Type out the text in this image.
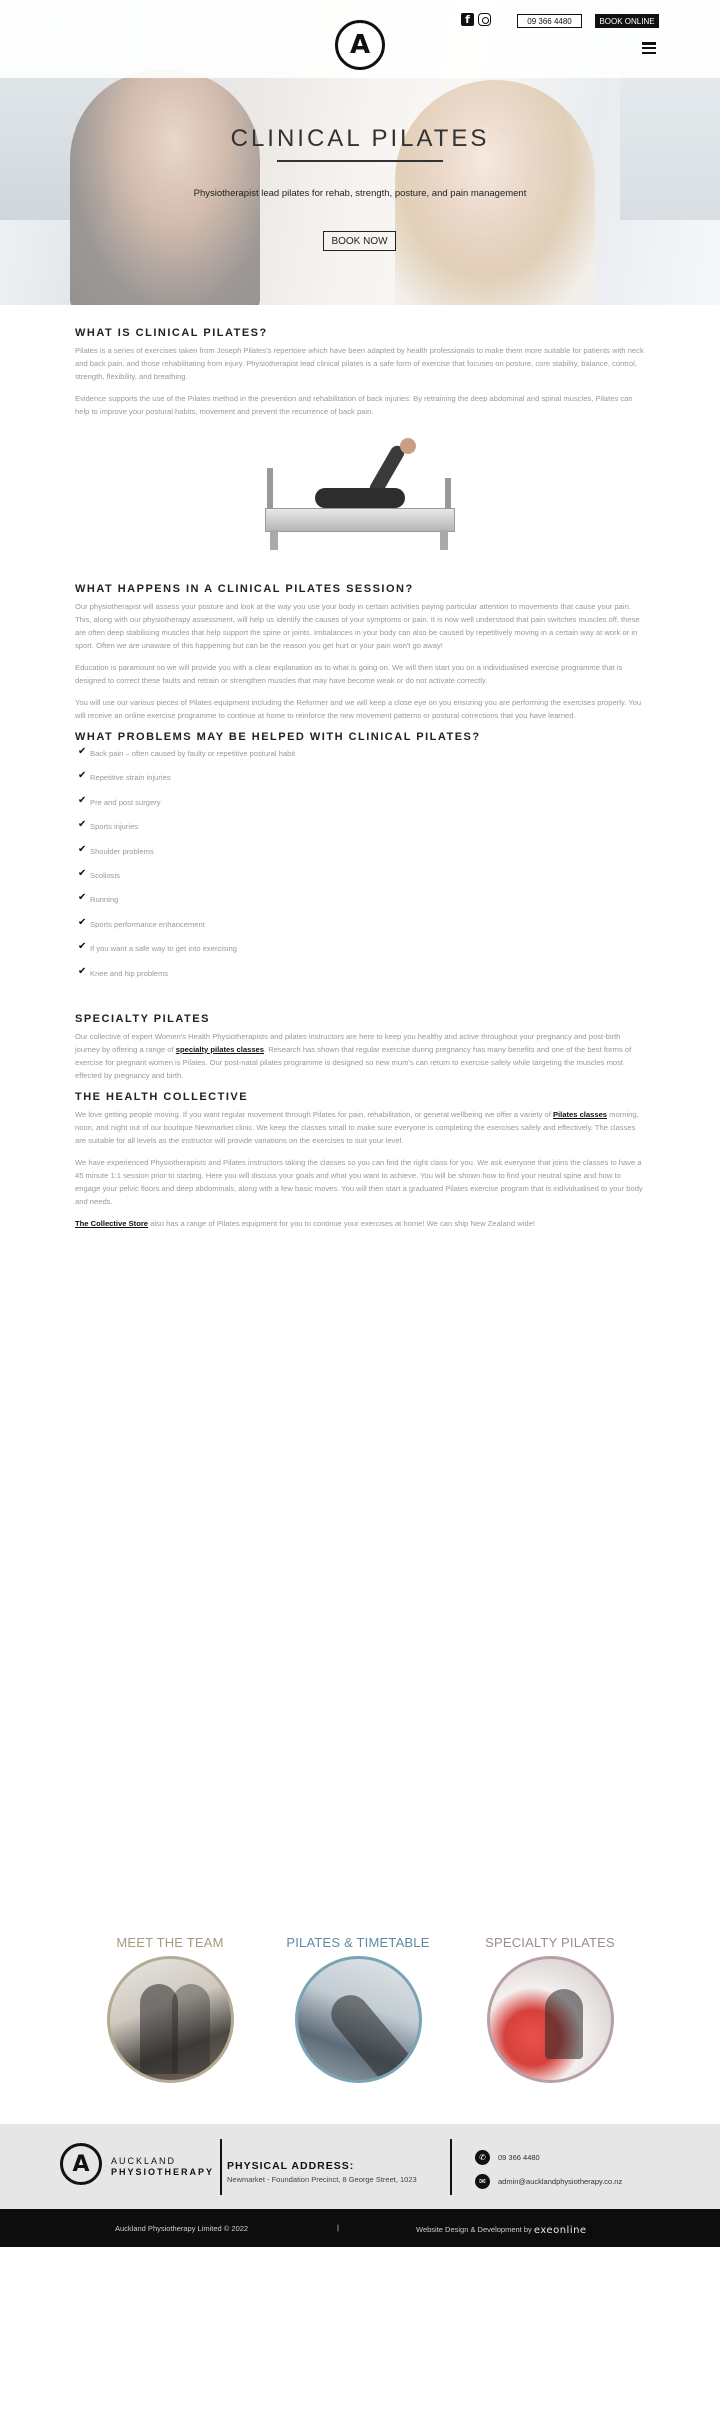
CLINICAL PILATES
Physiotherapist lead pilates for rehab, strength, posture, and pain management
BOOK NOW
A
f	09 366 4480	BOOK ONLINE
WHAT IS CLINICAL PILATES?

Pilates is a series of exercises taken from Joseph Pilates's repertoire which have been adapted by health professionals to make them more suitable for patients with neck and back pain, and those rehabilitating from injury. Physiotherapist lead clinical pilates is a safe form of exercise that focuses on posture, core stability, balance, control, strength, flexibility, and breathing.

Evidence supports the use of the Pilates method in the prevention and rehabilitation of back injuries. By retraining the deep abdominal and spinal muscles, Pilates can help to improve your postural habits, movement and prevent the recurrence of back pain.

WHAT HAPPENS IN A CLINICAL PILATES SESSION?

Our physiotherapist will assess your posture and look at the way you use your body in certain activities paying particular attention to movements that cause your pain. This, along with our physiotherapy assessment, will help us identify the causes of your symptoms or pain. It is now well understood that pain switches muscles off, these are often deep stabilising muscles that help support the spine or joints. Imbalances in your body can also be caused by repetitively moving in a certain way at work or in sport. Often we are unaware of this happening but can be the reason you get hurt or your pain won't go away!

Education is paramount so we will provide you with a clear explanation as to what is going on. We will then start you on a individualised exercise programme that is designed to correct these faults and retrain or strengthen muscles that may have become weak or do not activate correctly.

You will use our various pieces of Pilates equipment including the Reformer and we will keep a close eye on you ensuring you are performing the exercises properly. You will receive an online exercise programme to continue at home to reinforce the new movement patterns or postural corrections that you have learned.

WHAT PROBLEMS MAY BE HELPED WITH CLINICAL PILATES?
✔ Back pain – often caused by faulty or repetitive postural habit
✔ Repetitive strain injuries
✔ Pre and post surgery
✔ Sports injuries
✔ Shoulder problems
✔ Scoliosis
✔ Running
✔ Sports performance enhancement
✔ If you want a safe way to get into exercising
✔ Knee and hip problems
SPECIALTY PILATES

Our collective of expert Women's Health Physiotherapists and pilates instructors are here to keep you healthy and active throughout your pregnancy and post-birth journey by offering a range of specialty pilates classes. Research has shown that regular exercise during pregnancy has many benefits and one of the best forms of exercise for pregnant women is Pilates. Our post-natal pilates programme is designed so new mum's can return to exercise safely while targeting the muscles most effected by pregnancy and birth.

THE HEALTH COLLECTIVE

We love getting people moving. If you want regular movement through Pilates for pain, rehabilitation, or general wellbeing we offer a variety of Pilates classes morning, noon, and night out of our boutique Newmarket clinic. We keep the classes small to make sure everyone is completing the exercises safely and effectively. The classes are suitable for all levels as the instructor will provide variations on the exercises to suit your level.

We have experienced Physiotherapists and Pilates instructors taking the classes so you can find the right class for you. We ask everyone that joins the classes to have a 45 minute 1:1 session prior to starting. Here you will discuss your goals and what you want to achieve. You will be shown how to find your neutral spine and how to engage your pelvic floors and deep abdominals, along with a few basic moves. You will then start a graduated Pilates exercise program that is individualised to your body and needs.

The Collective Store also has a range of Pilates equipment for you to continue your exercises at home! We can ship New Zealand wide!

MEET THE TEAM	PILATES & TIMETABLE	SPECIALTY PILATES
A AUCKLAND
PHYSIOTHERAPY PHYSICAL ADDRESS:
Newmarket - Foundation Precinct, 8 George Street, 1023
✆	09 366 4480
✉	admin@aucklandphysiotherapy.co.nz
Auckland Physiotherapy Limited © 2022	|	Website Design & Development by exeonline
